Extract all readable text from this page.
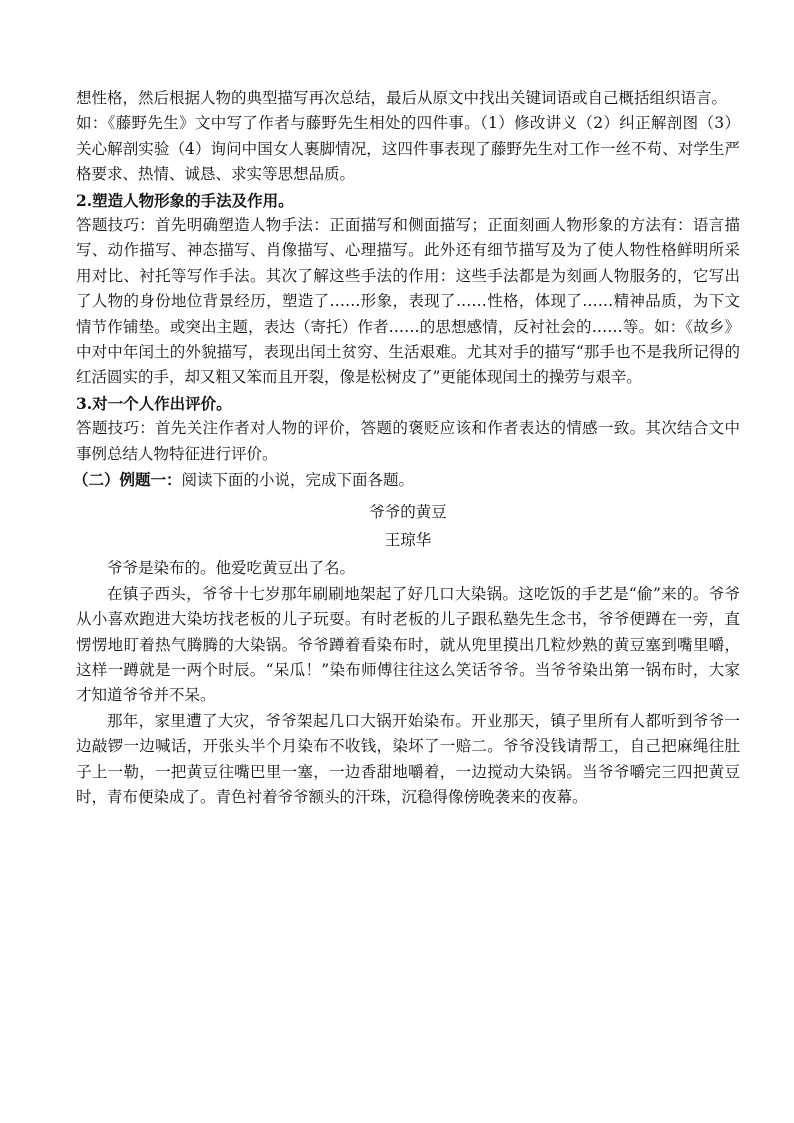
想性格，然后根据人物的典型描写再次总结，最后从原文中找出关键词语或自己概括组织语言。

如：《藤野先生》文中写了作者与藤野先生相处的四件事。（1）修改讲义（2）纠正解剖图（3）关心解剖实验（4）询问中国女人裹脚情况，这四件事表现了藤野先生对工作一丝不苟、对学生严格要求、热情、诚恳、求实等思想品质。

2.塑造人物形象的手法及作用。

答题技巧：首先明确塑造人物手法：正面描写和侧面描写；正面刻画人物形象的方法有：语言描写、动作描写、神态描写、肖像描写、心理描写。此外还有细节描写及为了使人物性格鲜明所采用对比、衬托等写作手法。其次了解这些手法的作用：这些手法都是为刻画人物服务的，它写出了人物的身份地位背景经历，塑造了……形象，表现了……性格，体现了……精神品质，为下文情节作铺垫。或突出主题，表达（寄托）作者……的思想感情，反衬社会的……等。如：《故乡》中对中年闰土的外貌描写，表现出闰土贫穷、生活艰难。尤其对手的描写“那手也不是我所记得的红活圆实的手，却又粗又笨而且开裂，像是松树皮了”更能体现闰土的操劳与艰辛。

3.对一个人作出评价。

答题技巧：首先关注作者对人物的评价，答题的褒贬应该和作者表达的情感一致。其次结合文中事例总结人物特征进行评价。

（二）例题一：阅读下面的小说，完成下面各题。

爷爷的黄豆

王琼华

爷爷是染布的。他爱吃黄豆出了名。

在镇子西头，爷爷十七岁那年刷刷地架起了好几口大染锅。这吃饭的手艺是“偷”来的。爷爷从小喜欢跑进大染坊找老板的儿子玩耍。有时老板的儿子跟私塾先生念书，爷爷便蹲在一旁，直愣愣地盯着热气腾腾的大染锅。爷爷蹲着看染布时，就从兜里摸出几粒炒熟的黄豆塞到嘴里嚼，这样一蹲就是一两个时辰。“呆瓜！”染布师傅往往这么笑话爷爷。当爷爷染出第一锅布时，大家才知道爷爷并不呆。

那年，家里遭了大灾，爷爷架起几口大锅开始染布。开业那天，镇子里所有人都听到爷爷一边敲锣一边喊话，开张头半个月染布不收钱，染坏了一赔二。爷爷没钱请帮工，自己把麻绳往肚子上一勒，一把黄豆往嘴巴里一塞，一边香甜地嚼着，一边搅动大染锅。当爷爷嚼完三四把黄豆时，青布便染成了。青色衬着爷爷额头的汗珠，沉稳得像傍晚袭来的夜幕。
